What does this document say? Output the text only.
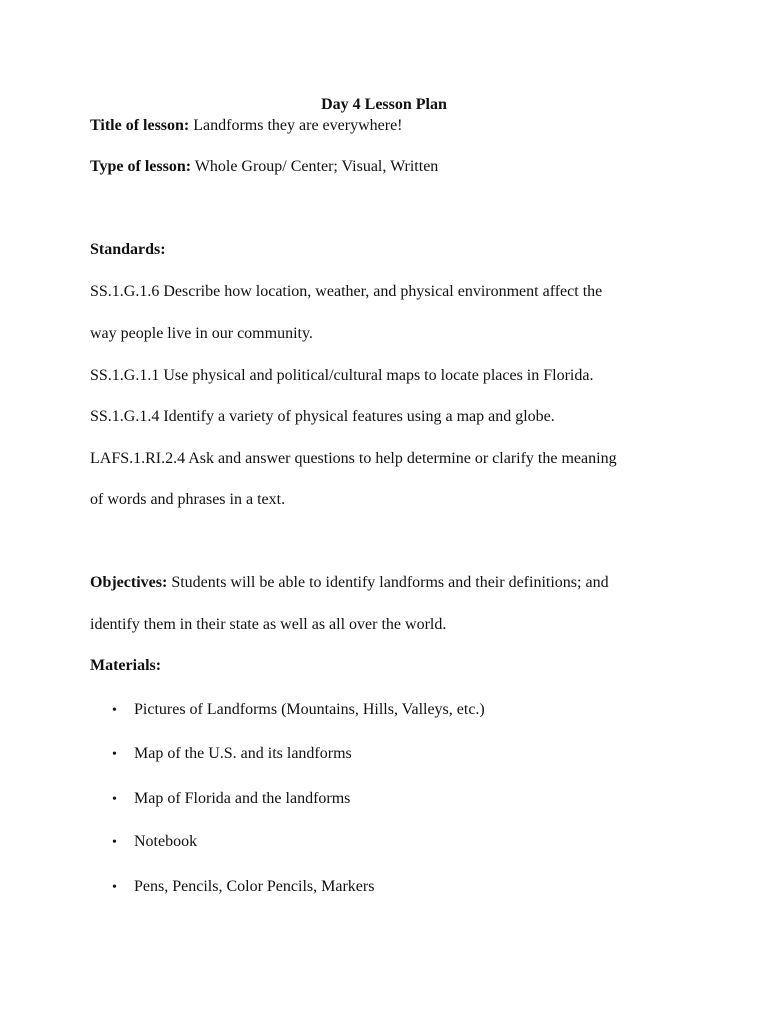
Day 4 Lesson Plan
Title of lesson: Landforms they are everywhere!
Type of lesson: Whole Group/ Center; Visual, Written
Standards:
SS.1.G.1.6 Describe how location, weather, and physical environment affect the
way people live in our community.
SS.1.G.1.1 Use physical and political/cultural maps to locate places in Florida.
SS.1.G.1.4 Identify a variety of physical features using a map and globe.
LAFS.1.RI.2.4 Ask and answer questions to help determine or clarify the meaning
of words and phrases in a text.
Objectives: Students will be able to identify landforms and their definitions; and
identify them in their state as well as all over the world.
Materials:
• Pictures of Landforms (Mountains, Hills, Valleys, etc.)
• Map of the U.S. and its landforms
• Map of Florida and the landforms
• Notebook
• Pens, Pencils, Color Pencils, Markers
